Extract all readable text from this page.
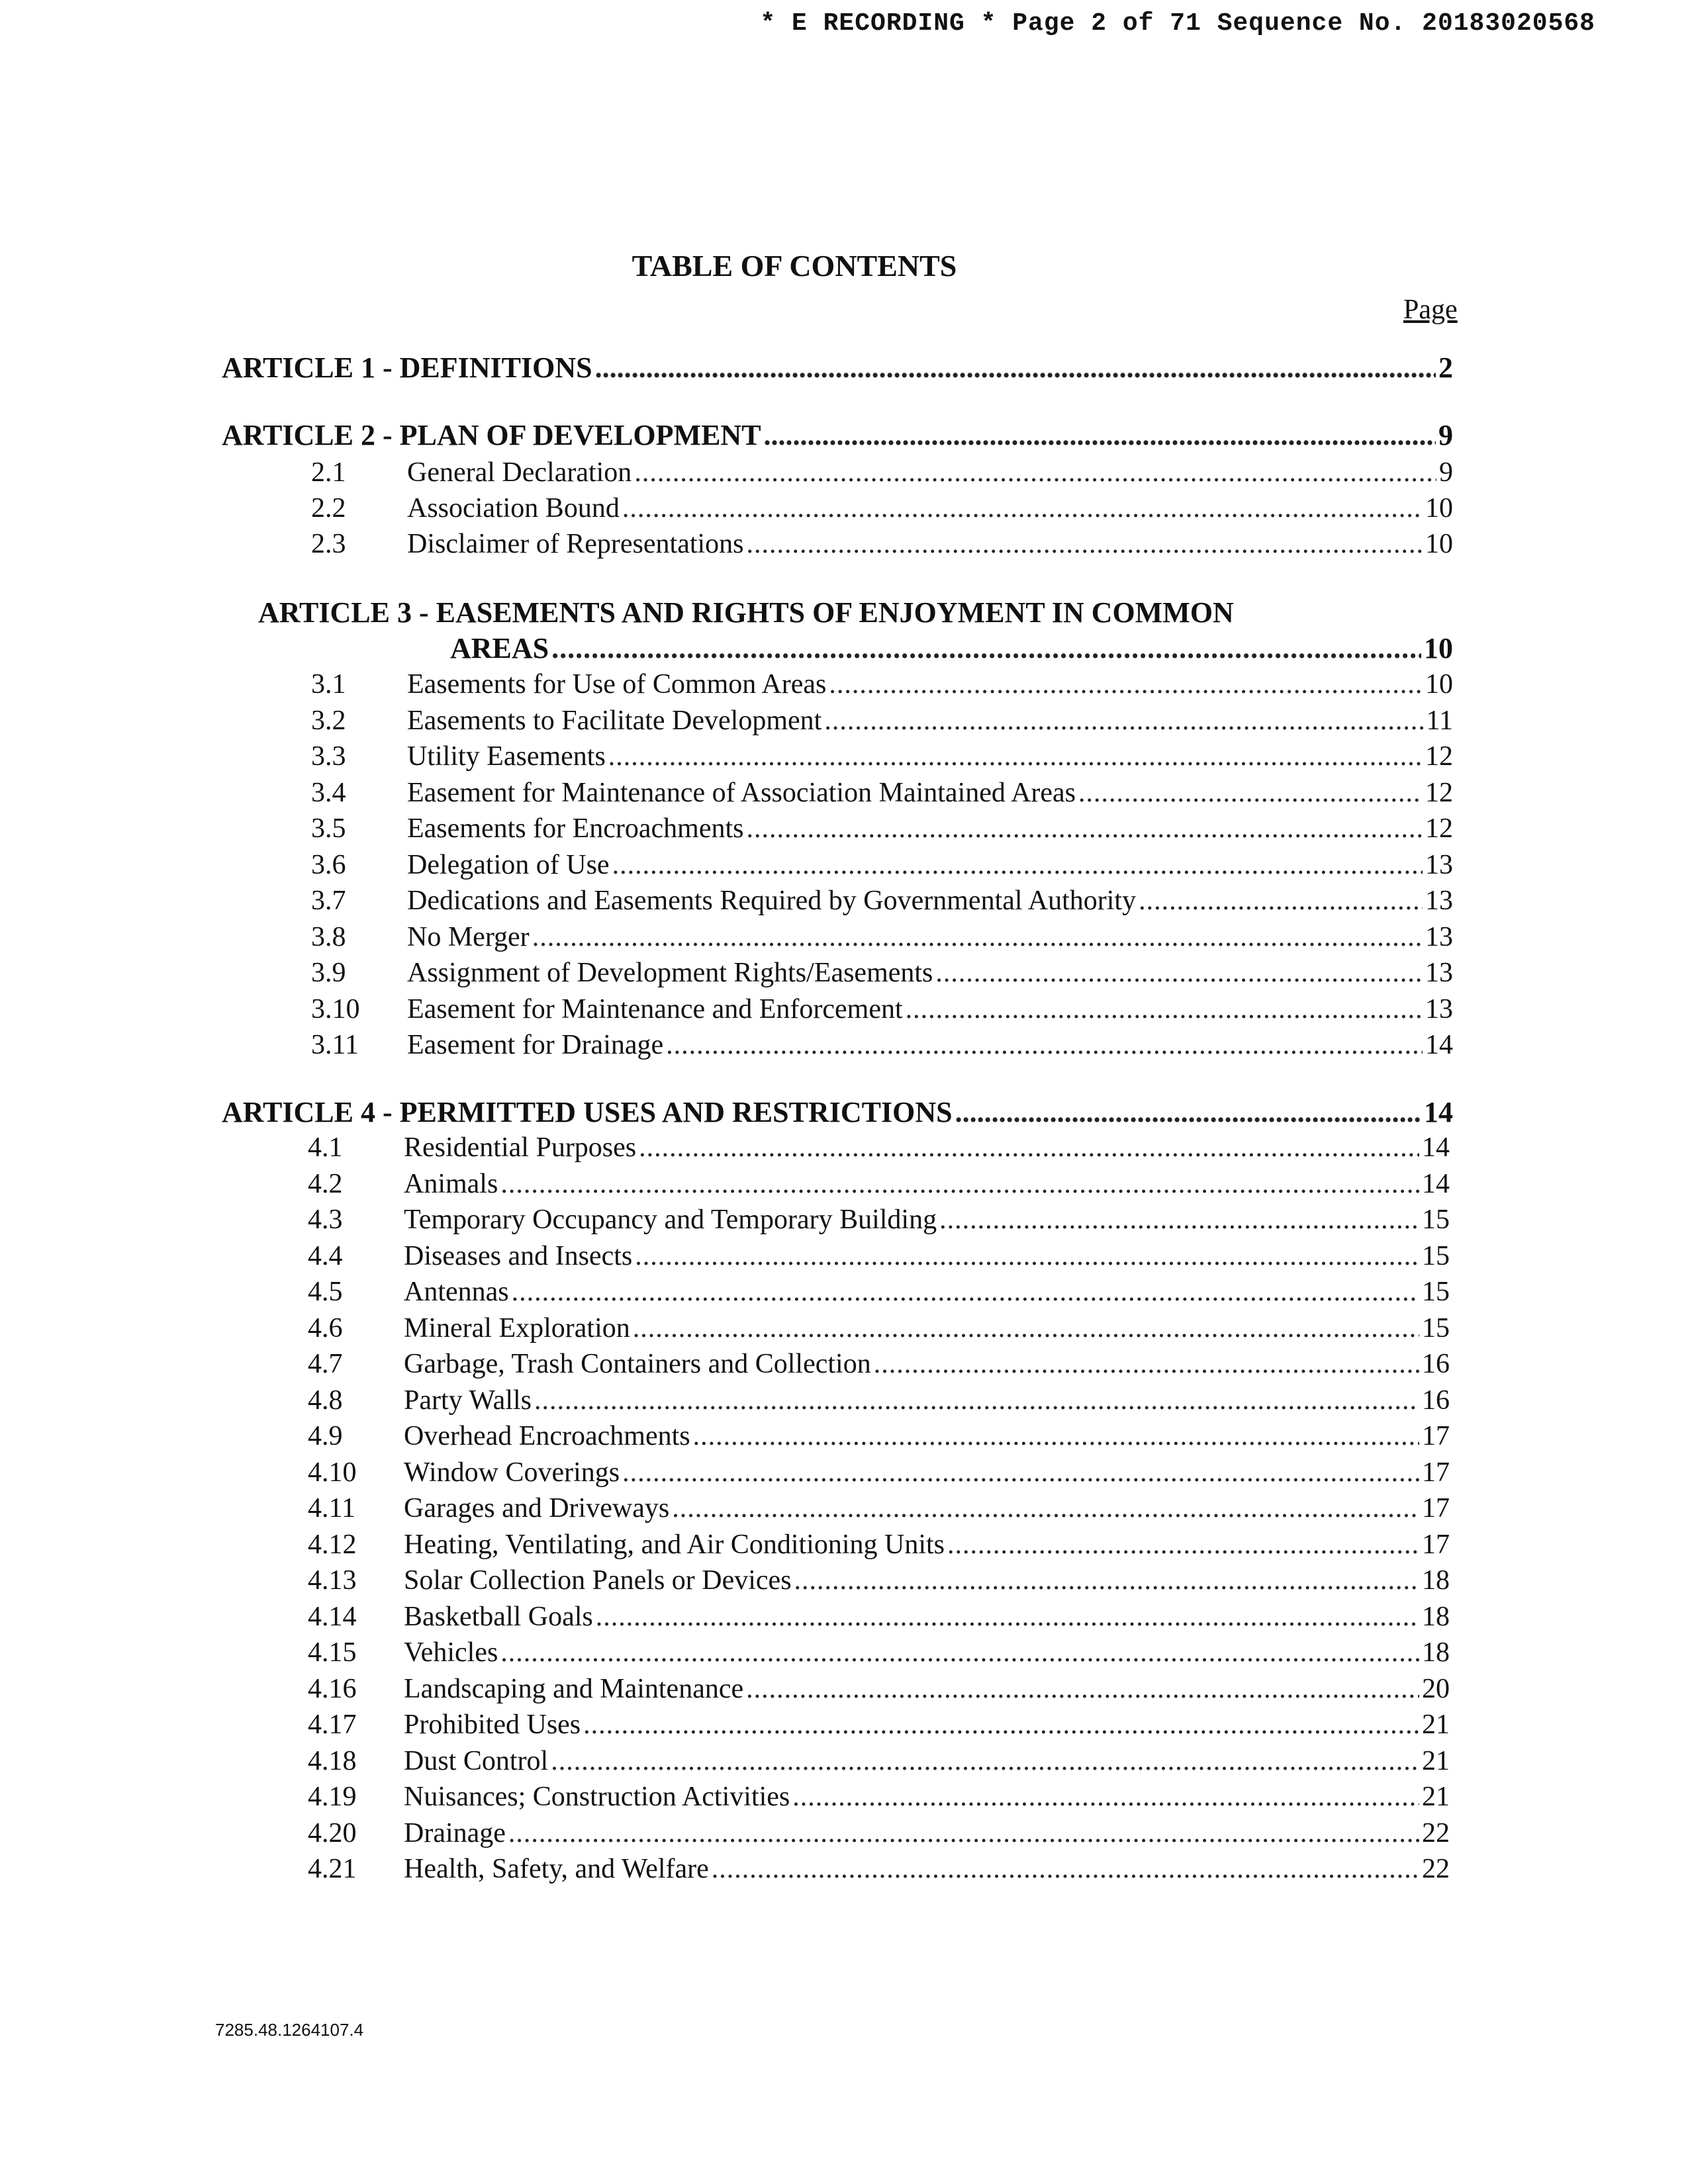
* E RECORDING * Page 2 of 71 Sequence No. 20183020568
TABLE OF CONTENTS
Page
ARTICLE 1 - DEFINITIONS .....	2
ARTICLE 2 - PLAN OF DEVELOPMENT .....	9
2.1	General Declaration .....	9
2.2	Association Bound .....	10
2.3	Disclaimer of Representations .....	10
ARTICLE 3 - EASEMENTS AND RIGHTS OF ENJOYMENT IN COMMON
AREAS .....	10
3.1	Easements for Use of Common Areas .....	10
3.2	Easements to Facilitate Development .....	11
3.3	Utility Easements .....	12
3.4	Easement for Maintenance of Association Maintained Areas .....	12
3.5	Easements for Encroachments .....	12
3.6	Delegation of Use .....	13
3.7	Dedications and Easements Required by Governmental Authority .....	13
3.8	No Merger .....	13
3.9	Assignment of Development Rights/Easements .....	13
3.10	Easement for Maintenance and Enforcement .....	13
3.11	Easement for Drainage .....	14
ARTICLE 4 - PERMITTED USES AND RESTRICTIONS .....	14
4.1	Residential Purposes .....	14
4.2	Animals .....	14
4.3	Temporary Occupancy and Temporary Building .....	15
4.4	Diseases and Insects .....	15
4.5	Antennas .....	15
4.6	Mineral Exploration .....	15
4.7	Garbage, Trash Containers and Collection .....	16
4.8	Party Walls .....	16
4.9	Overhead Encroachments .....	17
4.10	Window Coverings .....	17
4.11	Garages and Driveways .....	17
4.12	Heating, Ventilating, and Air Conditioning Units .....	17
4.13	Solar Collection Panels or Devices .....	18
4.14	Basketball Goals .....	18
4.15	Vehicles .....	18
4.16	Landscaping and Maintenance .....	20
4.17	Prohibited Uses .....	21
4.18	Dust Control .....	21
4.19	Nuisances; Construction Activities .....	21
4.20	Drainage .....	22
4.21	Health, Safety, and Welfare .....	22
7285.48.1264107.4
